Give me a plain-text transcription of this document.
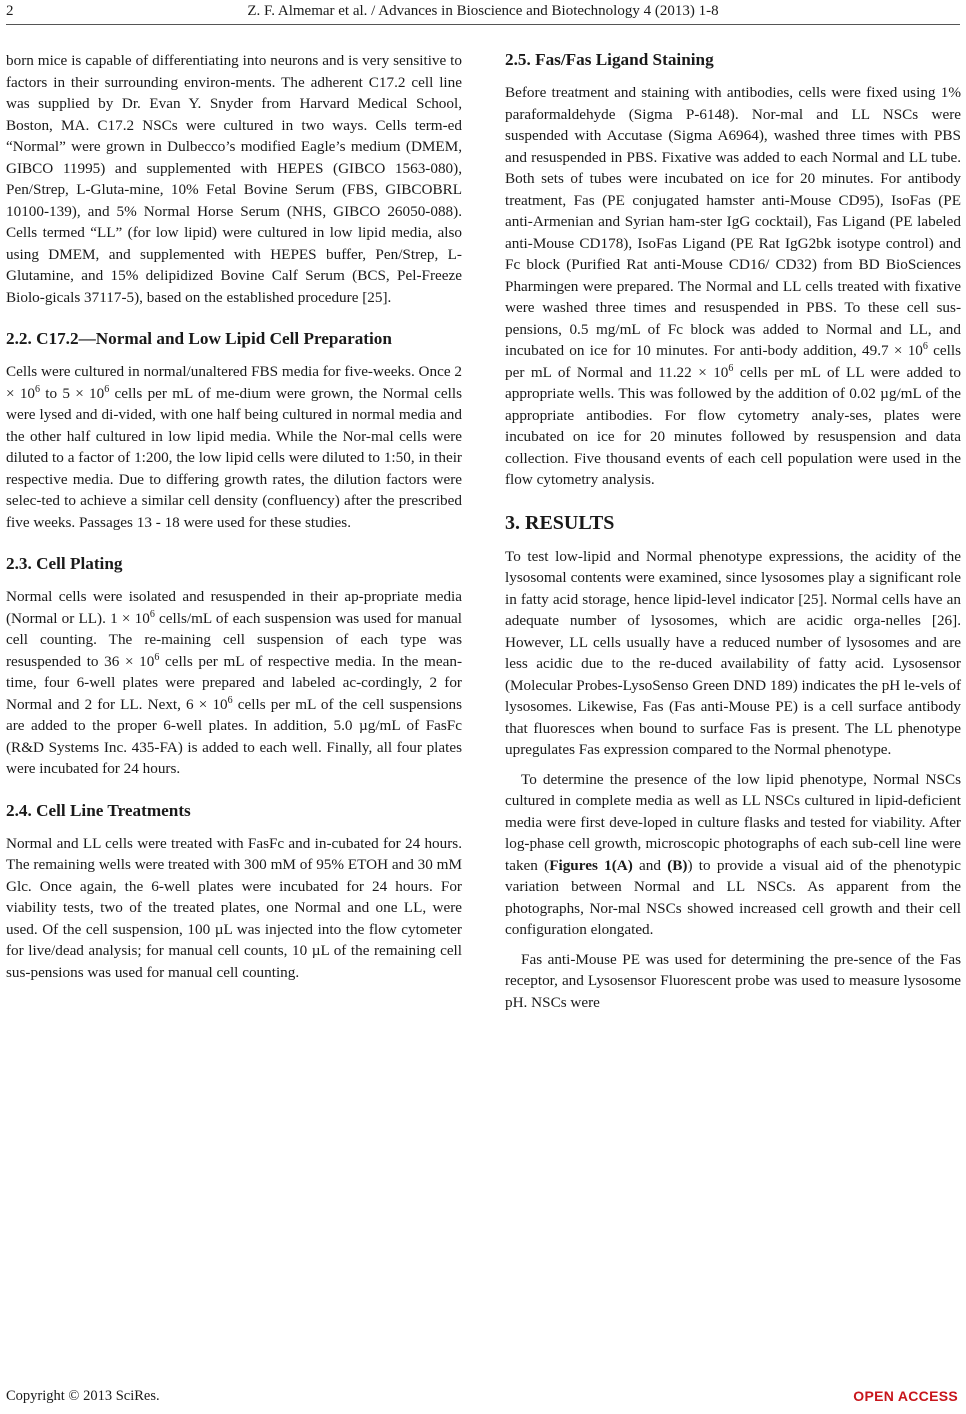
2	Z. F. Almemar et al. / Advances in Bioscience and Biotechnology 4 (2013) 1-8

born mice is capable of differentiating into neurons and is very sensitive to factors in their surrounding environ-ments. The adherent C17.2 cell line was supplied by Dr. Evan Y. Snyder from Harvard Medical School, Boston, MA. C17.2 NSCs were cultured in two ways. Cells term-ed “Normal” were grown in Dulbecco’s modified Eagle’s medium (DMEM, GIBCO 11995) and supplemented with HEPES (GIBCO 1563-080), Pen/Strep, L-Gluta-mine, 10% Fetal Bovine Serum (FBS, GIBCOBRL 10100-139), and 5% Normal Horse Serum (NHS, GIBCO 26050-088). Cells termed “LL” (for low lipid) were cultured in low lipid media, also using DMEM, and supplemented with HEPES buffer, Pen/Strep, L-Glutamine, and 15% delipidized Bovine Calf Serum (BCS, Pel-Freeze Biolo-gicals 37117-5), based on the established procedure [25].

2.2. C17.2—Normal and Low Lipid Cell Preparation

Cells were cultured in normal/unaltered FBS media for five-weeks. Once $2 \times 10^6$ to $5 \times 10^6$ cells per mL of me-dium were grown, the Normal cells were lysed and di-vided, with one half being cultured in normal media and the other half cultured in low lipid media. While the Nor-mal cells were diluted to a factor of 1:200, the low lipid cells were diluted to 1:50, in their respective media. Due to differing growth rates, the dilution factors were selec-ted to achieve a similar cell density (confluency) after the prescribed five weeks. Passages 13 - 18 were used for these studies.

2.3. Cell Plating

Normal cells were isolated and resuspended in their ap-propriate media (Normal or LL). $1 \times 10^6$ cells/mL of each suspension was used for manual cell counting. The re-maining cell suspension of each type was resuspended to $36 \times 10^6$ cells per mL of respective media. In the mean-time, four 6-well plates were prepared and labeled ac-cordingly, 2 for Normal and 2 for LL. Next, $6 \times 10^6$ cells per mL of the cell suspensions are added to the proper 6-well plates. In addition, 5.0 µg/mL of FasFc (R&D Systems Inc. 435-FA) is added to each well. Finally, all four plates were incubated for 24 hours.

2.4. Cell Line Treatments

Normal and LL cells were treated with FasFc and in-cubated for 24 hours. The remaining wells were treated with 300 mM of 95% ETOH and 30 mM Glc. Once again, the 6-well plates were incubated for 24 hours. For viability tests, two of the treated plates, one Normal and one LL, were used. Of the cell suspension, 100 µL was injected into the flow cytometer for live/dead analysis; for manual cell counts, 10 µL of the remaining cell sus-pensions was used for manual cell counting.

2.5. Fas/Fas Ligand Staining

Before treatment and staining with antibodies, cells were fixed using 1% paraformaldehyde (Sigma P-6148). Nor-mal and LL NSCs were suspended with Accutase (Sigma A6964), washed three times with PBS and resuspended in PBS. Fixative was added to each Normal and LL tube. Both sets of tubes were incubated on ice for 20 minutes. For antibody treatment, Fas (PE conjugated hamster anti-Mouse CD95), IsoFas (PE anti-Armenian and Syrian ham-ster IgG cocktail), Fas Ligand (PE labeled anti-Mouse CD178), IsoFas Ligand (PE Rat IgG2bk isotype control) and Fc block (Purified Rat anti-Mouse CD16/ CD32) from BD BioSciences Pharmingen were prepared. The Normal and LL cells treated with fixative were washed three times and resuspended in PBS. To these cell sus-pensions, 0.5 mg/mL of Fc block was added to Normal and LL, and incubated on ice for 10 minutes. For anti-body addition, $49.7 \times 10^6$ cells per mL of Normal and $11.22 \times 10^6$ cells per mL of LL were added to appropriate wells. This was followed by the addition of 0.02 µg/mL of the appropriate antibodies. For flow cytometry analy-ses, plates were incubated on ice for 20 minutes followed by resuspension and data collection. Five thousand events of each cell population were used in the flow cytometry analysis.

3. RESULTS

To test low-lipid and Normal phenotype expressions, the acidity of the lysosomal contents were examined, since lysosomes play a significant role in fatty acid storage, hence lipid-level indicator [25]. Normal cells have an adequate number of lysosomes, which are acidic orga-nelles [26]. However, LL cells usually have a reduced number of lysosomes and are less acidic due to the re-duced availability of fatty acid. Lysosensor (Molecular Probes-LysoSenso Green DND 189) indicates the pH le-vels of lysosomes. Likewise, Fas (Fas anti-Mouse PE) is a cell surface antibody that fluoresces when bound to surface Fas is present. The LL phenotype upregulates Fas expression compared to the Normal phenotype.

To determine the presence of the low lipid phenotype, Normal NSCs cultured in complete media as well as LL NSCs cultured in lipid-deficient media were first deve-loped in culture flasks and tested for viability. After log-phase cell growth, microscopic photographs of each sub-cell line were taken (Figures 1(A) and (B)) to provide a visual aid of the phenotypic variation between Normal and LL NSCs. As apparent from the photographs, Nor-mal NSCs showed increased cell growth and their cell configuration elongated.

Fas anti-Mouse PE was used for determining the pre-sence of the Fas receptor, and Lysosensor Fluorescent probe was used to measure lysosome pH. NSCs were

Copyright © 2013 SciRes.	OPEN ACCESS
